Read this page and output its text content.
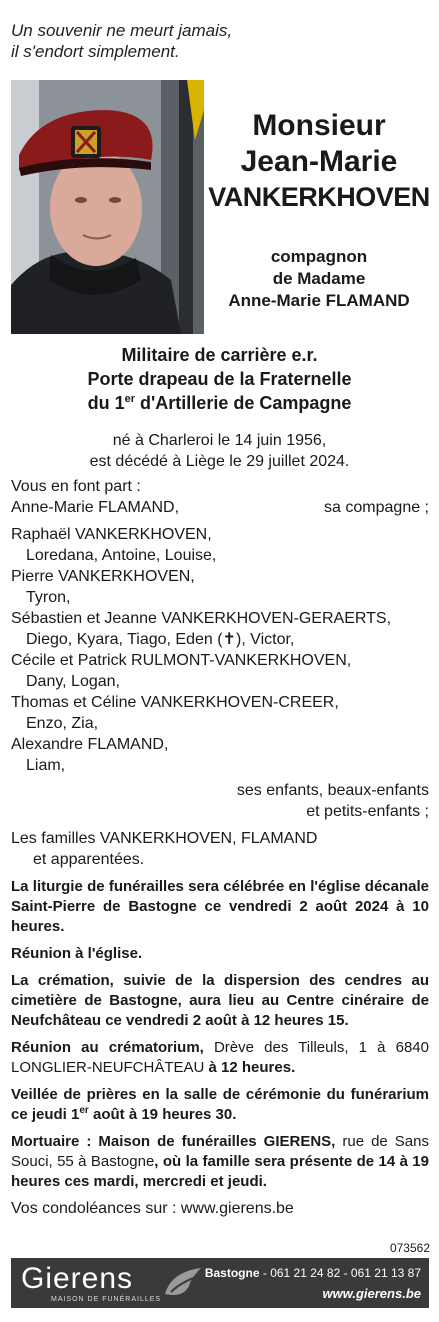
Un souvenir ne meurt jamais,
il s'endort simplement.
Monsieur
Jean-Marie
VANKERKHOVEN
compagnon
de Madame
Anne-Marie FLAMAND
Militaire de carrière e.r.
Porte drapeau de la Fraternelle
du 1er d'Artillerie de Campagne
né à Charleroi le 14 juin 1956,
est décédé à Liège le 29 juillet 2024.
Vous en font part :
Anne-Marie FLAMAND,	sa compagne ;
Raphaël VANKERKHOVEN,
Loredana, Antoine, Louise,
Pierre VANKERKHOVEN,
Tyron,
Sébastien et Jeanne VANKERKHOVEN-GERAERTS,
Diego, Kyara, Tiago, Eden (✝), Victor,
Cécile et Patrick RULMONT-VANKERKHOVEN,
Dany, Logan,
Thomas et Céline VANKERKHOVEN-CREER,
Enzo, Zia,
Alexandre FLAMAND,
Liam,
ses enfants, beaux-enfants
et petits-enfants ;
Les familles VANKERKHOVEN, FLAMAND
et apparentées.
La liturgie de funérailles sera célébrée en l'église décanale Saint-Pierre de Bastogne ce vendredi 2 août 2024 à 10 heures.
Réunion à l'église.
La crémation, suivie de la dispersion des cendres au cimetière de Bastogne, aura lieu au Centre cinéraire de Neufchâteau ce vendredi 2 août à 12 heures 15.
Réunion au crématorium, Drève des Tilleuls, 1 à 6840 LONGLIER-NEUFCHÂTEAU à 12 heures.
Veillée de prières en la salle de cérémonie du funérarium ce jeudi 1er août à 19 heures 30.
Mortuaire : Maison de funérailles GIERENS, rue de Sans Souci, 55 à Bastogne, où la famille sera présente de 14 à 19 heures ces mardi, mercredi et jeudi.
Vos condoléances sur : www.gierens.be
073562
Gierens
MAISON DE FUNÉRAILLES
Bastogne - 061 21 24 82 - 061 21 13 87
www.gierens.be
